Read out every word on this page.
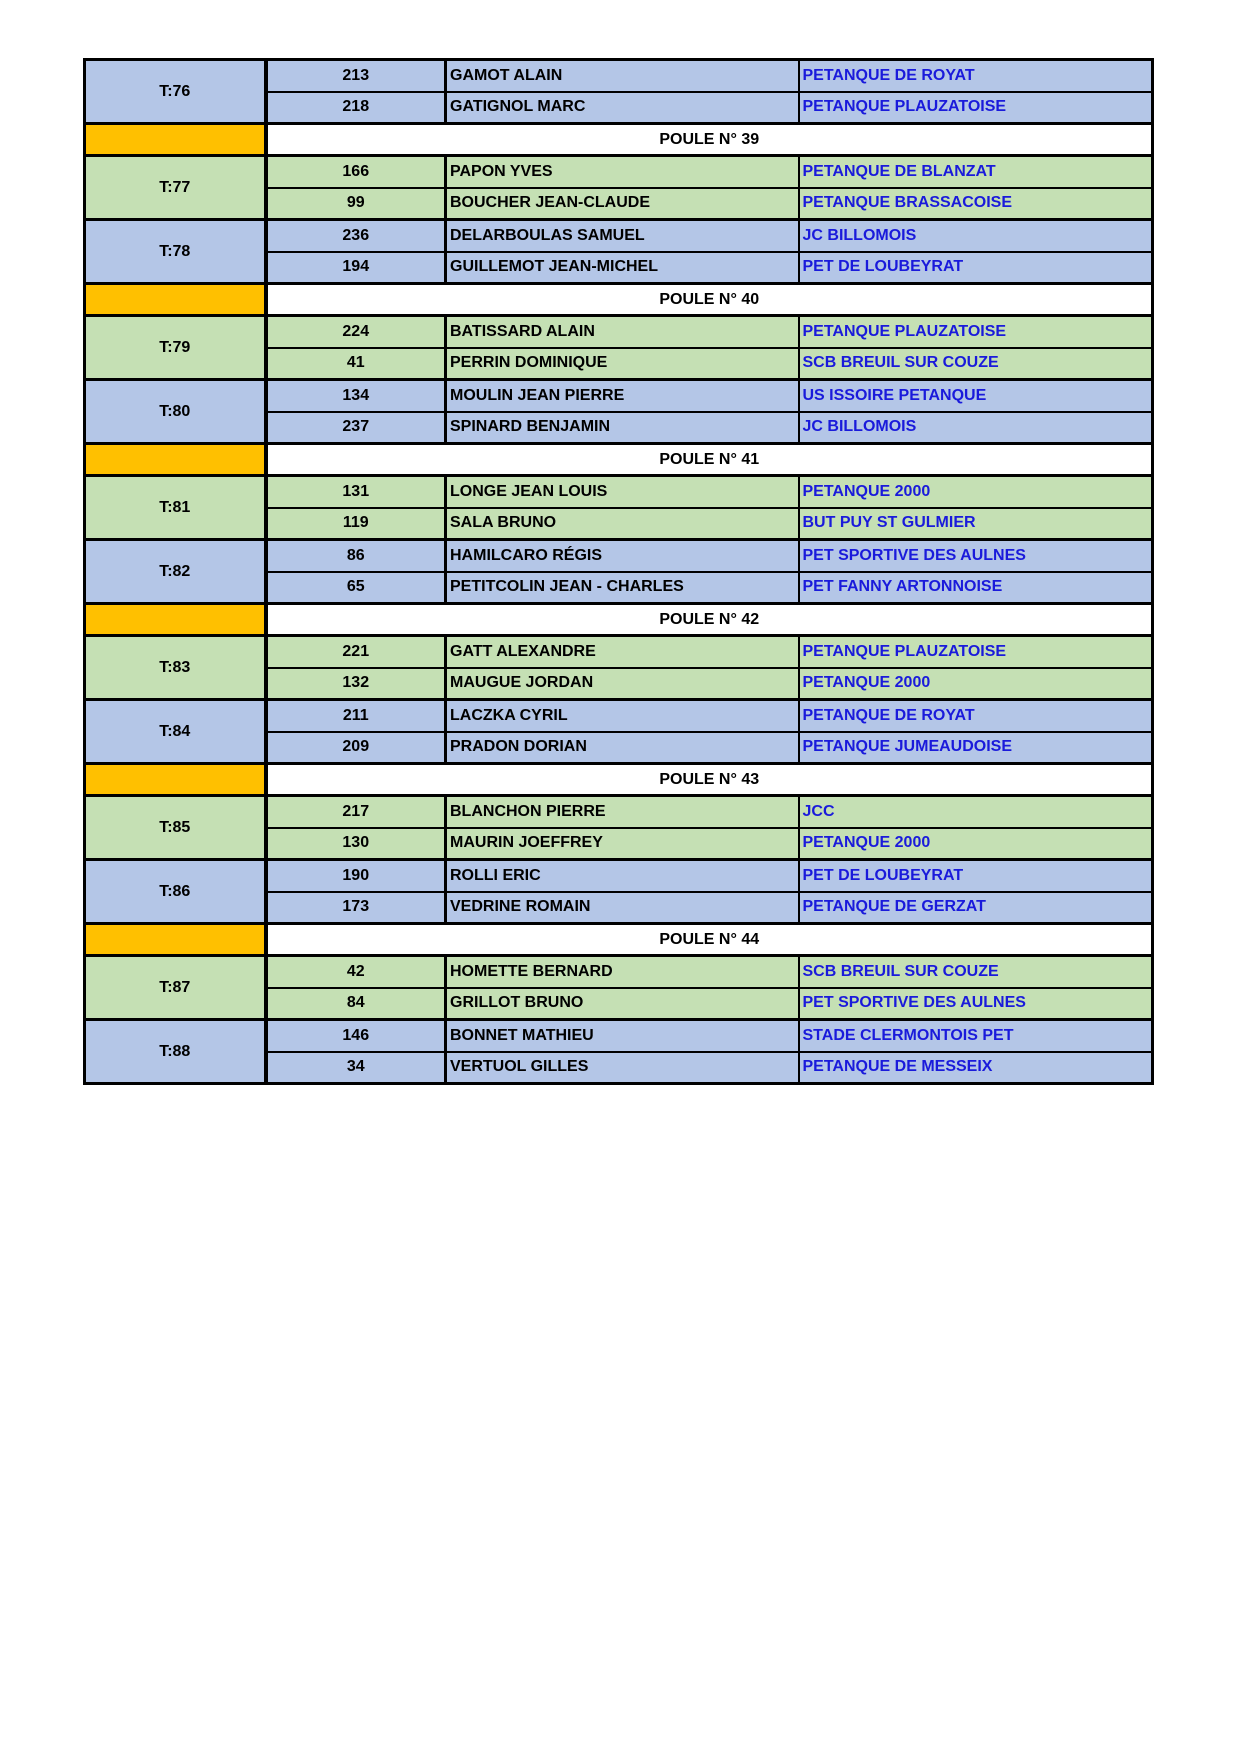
T:76	213	GAMOT ALAIN	PETANQUE DE ROYAT
	218	GATIGNOL MARC	PETANQUE PLAUZATOISE
	POULE N° 39		
T:77	166	PAPON YVES	PETANQUE DE BLANZAT
	99	BOUCHER JEAN-CLAUDE	PETANQUE BRASSACOISE
T:78	236	DELARBOULAS SAMUEL	JC BILLOMOIS
	194	GUILLEMOT JEAN-MICHEL	PET DE LOUBEYRAT
	POULE N° 40		
T:79	224	BATISSARD ALAIN	PETANQUE PLAUZATOISE
	41	PERRIN DOMINIQUE	SCB BREUIL SUR COUZE
T:80	134	MOULIN JEAN PIERRE	US ISSOIRE PETANQUE
	237	SPINARD BENJAMIN	JC BILLOMOIS
	POULE N° 41		
T:81	131	LONGE JEAN LOUIS	PETANQUE 2000
	119	SALA BRUNO	BUT PUY ST GULMIER
T:82	86	HAMILCARO RÉGIS	PET SPORTIVE DES AULNES
	65	PETITCOLIN JEAN - CHARLES	PET FANNY ARTONNOISE
	POULE N° 42		
T:83	221	GATT ALEXANDRE	PETANQUE PLAUZATOISE
	132	MAUGUE JORDAN	PETANQUE 2000
T:84	211	LACZKA CYRIL	PETANQUE DE ROYAT
	209	PRADON DORIAN	PETANQUE JUMEAUDOISE
	POULE N° 43		
T:85	217	BLANCHON PIERRE	JCC
	130	MAURIN JOEFFREY	PETANQUE 2000
T:86	190	ROLLI ERIC	PET DE LOUBEYRAT
	173	VEDRINE ROMAIN	PETANQUE DE GERZAT
	POULE N° 44		
T:87	42	HOMETTE BERNARD	SCB BREUIL SUR COUZE
	84	GRILLOT BRUNO	PET SPORTIVE DES AULNES
T:88	146	BONNET MATHIEU	STADE CLERMONTOIS PET
	34	VERTUOL GILLES	PETANQUE DE MESSEIX
